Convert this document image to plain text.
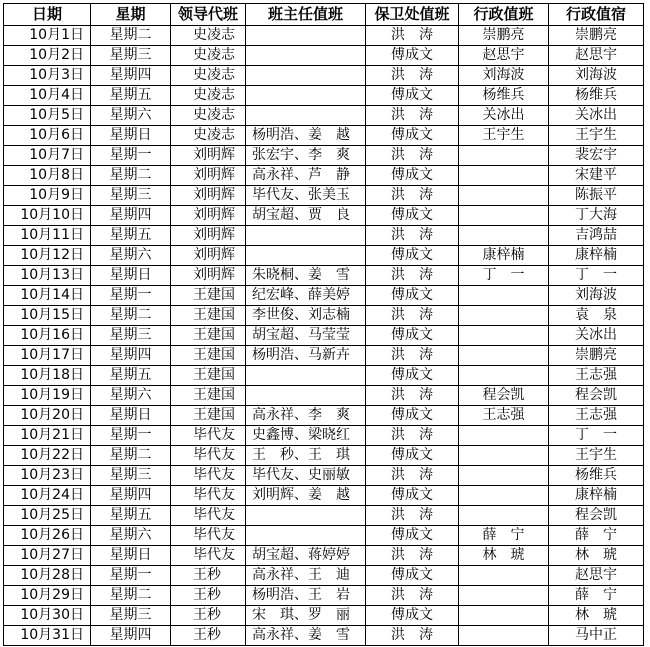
日期	星期	领导代班	班主任值班	保卫处值班	行政值班	行政值宿
10月1日	星期二	史凌志		洪　涛	崇鹏亮	崇鹏亮
10月2日	星期三	史凌志		傅成文	赵思宇	赵思宇
10月3日	星期四	史凌志		洪　涛	刘海波	刘海波
10月4日	星期五	史凌志		傅成文	杨维兵	杨维兵
10月5日	星期六	史凌志		洪　涛	关冰出	关冰出
10月6日	星期日	史凌志	杨明浩、姜　越	傅成文	王宇生	王宇生
10月7日	星期一	刘明辉	张宏宇、李　爽	洪　涛		裴宏宇
10月8日	星期二	刘明辉	高永祥、芦　静	傅成文		宋建平
10月9日	星期三	刘明辉	毕代友、张美玉	洪　涛		陈振平
10月10日	星期四	刘明辉	胡宝超、贾　良	傅成文		丁大海
10月11日	星期五	刘明辉		洪　涛		吉鸿喆
10月12日	星期六	刘明辉		傅成文	康梓楠	康梓楠
10月13日	星期日	刘明辉	朱晓桐、姜　雪	洪　涛	丁　一	丁　一
10月14日	星期一	王建国	纪宏峰、薛美婷	傅成文		刘海波
10月15日	星期二	王建国	李世俊、刘志楠	洪　涛		袁　泉
10月16日	星期三	王建国	胡宝超、马莹莹	傅成文		关冰出
10月17日	星期四	王建国	杨明浩、马新卉	洪　涛		崇鹏亮
10月18日	星期五	王建国		傅成文		王志强
10月19日	星期六	王建国		洪　涛	程会凯	程会凯
10月20日	星期日	王建国	高永祥、李　爽	傅成文	王志强	王志强
10月21日	星期一	毕代友	史鑫博、梁晓红	洪　涛		丁　一
10月22日	星期二	毕代友	王　秒、王　琪	傅成文		王宇生
10月23日	星期三	毕代友	毕代友、史丽敏	洪　涛		杨维兵
10月24日	星期四	毕代友	刘明辉、姜　越	傅成文		康梓楠
10月25日	星期五	毕代友		洪　涛		程会凯
10月26日	星期六	毕代友		傅成文	薛　宁	薛　宁
10月27日	星期日	毕代友	胡宝超、蒋婷婷	洪　涛	林　琥	林　琥
10月28日	星期一	王秒	高永祥、王　迪	傅成文		赵思宇
10月29日	星期二	王秒	杨明浩、王　岩	洪　涛		薛　宁
10月30日	星期三	王秒	宋　琪、罗　丽	傅成文		林　琥
10月31日	星期四	王秒	高永祥、姜　雪	洪　涛		马中正
